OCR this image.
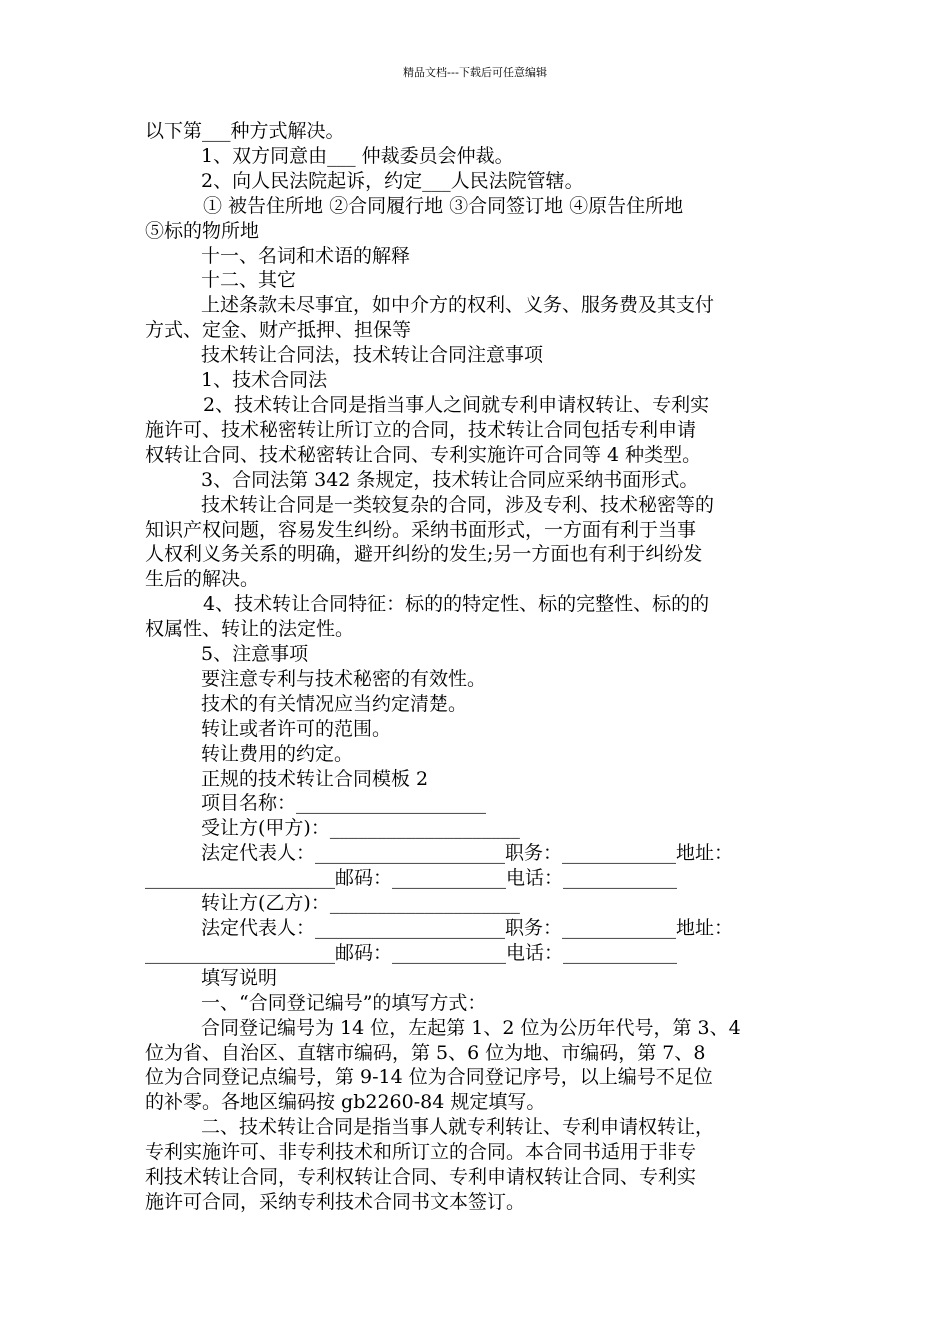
精品文档---下载后可任意编辑

以下第___种方式解决。

1、双方同意由___ 仲裁委员会仲裁。

2、向人民法院起诉，约定___人民法院管辖。

① 被告住所地 ②合同履行地 ③合同签订地 ④原告住所地

⑤标的物所地

十一、名词和术语的解释

十二、其它

上述条款未尽事宜，如中介方的权利、义务、服务费及其支付

方式、定金、财产抵押、担保等

技术转让合同法，技术转让合同注意事项

1、技术合同法

2、技术转让合同是指当事人之间就专利申请权转让、专利实

施许可、技术秘密转让所订立的合同，技术转让合同包括专利申请

权转让合同、技术秘密转让合同、专利实施许可合同等 4 种类型。

3、合同法第 342 条规定，技术转让合同应采纳书面形式。

技术转让合同是一类较复杂的合同，涉及专利、技术秘密等的

知识产权问题，容易发生纠纷。采纳书面形式，一方面有利于当事

人权利义务关系的明确，避开纠纷的发生;另一方面也有利于纠纷发

生后的解决。

4、技术转让合同特征：标的的特定性、标的完整性、标的的

权属性、转让的法定性。

5、注意事项

要注意专利与技术秘密的有效性。

技术的有关情况应当约定清楚。

转让或者许可的范围。

转让费用的约定。

正规的技术转让合同模板 2

项目名称：____________________

受让方(甲方)：____________________

法定代表人：____________________职务：____________地址：

____________________邮码：____________电话：____________

转让方(乙方)：____________________

法定代表人：____________________职务：____________地址：

____________________邮码：____________电话：____________

填写说明

一、“合同登记编号”的填写方式：

合同登记编号为 14 位，左起第 1、2 位为公历年代号，第 3、4

位为省、自治区、直辖市编码，第 5、6 位为地、市编码，第 7、8

位为合同登记点编号，第 9-14 位为合同登记序号，以上编号不足位

的补零。各地区编码按 gb2260-84 规定填写。

二、技术转让合同是指当事人就专利转让、专利申请权转让，

专利实施许可、非专利技术和所订立的合同。本合同书适用于非专

利技术转让合同，专利权转让合同、专利申请权转让合同、专利实

施许可合同，采纳专利技术合同书文本签订。
